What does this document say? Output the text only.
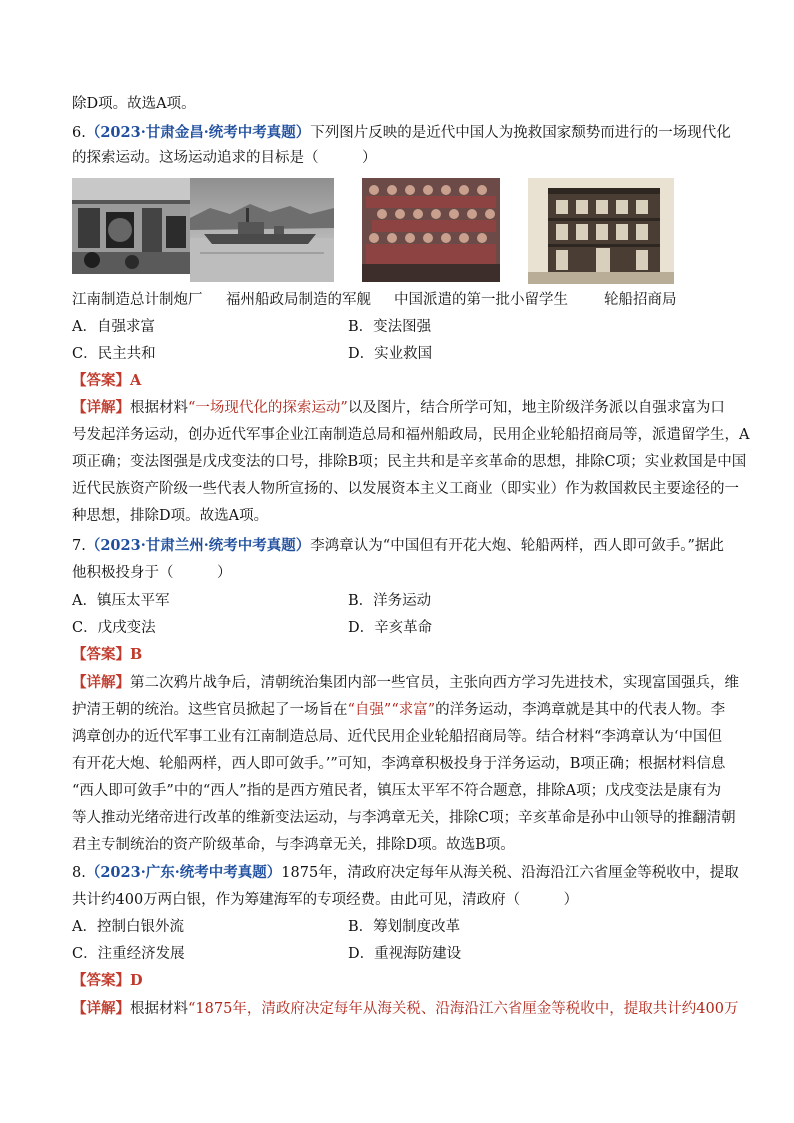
除D项。故选A项。
6.（2023·甘肃金昌·统考中考真题）下列图片反映的是近代中国人为挽救国家颓势而进行的一场现代化
的探索运动。这场运动追求的目标是（　　　）
江南制造总计制炮厂 福州船政局制造的军舰 中国派遣的第一批小留学生 轮船招商局
A．自强求富	B．变法图强
C．民主共和	D．实业救国
【答案】A
【详解】根据材料“一场现代化的探索运动”以及图片，结合所学可知，地主阶级洋务派以自强求富为口
号发起洋务运动，创办近代军事企业江南制造总局和福州船政局，民用企业轮船招商局等，派遣留学生，A
项正确；变法图强是戊戌变法的口号，排除B项；民主共和是辛亥革命的思想，排除C项；实业救国是中国
近代民族资产阶级一些代表人物所宣扬的、以发展资本主义工商业（即实业）作为救国救民主要途径的一
种思想，排除D项。故选A项。
7.（2023·甘肃兰州·统考中考真题）李鸿章认为“中国但有开花大炮、轮船两样，西人即可敛手。”据此
他积极投身于（　　　）
A．镇压太平军	B．洋务运动
C．戊戌变法	D．辛亥革命
【答案】B
【详解】第二次鸦片战争后，清朝统治集团内部一些官员，主张向西方学习先进技术，实现富国强兵，维
护清王朝的统治。这些官员掀起了一场旨在“自强”“求富”的洋务运动，李鸿章就是其中的代表人物。李
鸿章创办的近代军事工业有江南制造总局、近代民用企业轮船招商局等。结合材料“李鸿章认为‘中国但
有开花大炮、轮船两样，西人即可敛手。’”可知，李鸿章积极投身于洋务运动，B项正确；根据材料信息
“西人即可敛手”中的“西人”指的是西方殖民者，镇压太平军不符合题意，排除A项；戊戌变法是康有为
等人推动光绪帝进行改革的维新变法运动，与李鸿章无关，排除C项；辛亥革命是孙中山领导的推翻清朝
君主专制统治的资产阶级革命，与李鸿章无关，排除D项。故选B项。
8.（2023·广东·统考中考真题）1875年，清政府决定每年从海关税、沿海沿江六省厘金等税收中，提取
共计约400万两白银，作为筹建海军的专项经费。由此可见，清政府（　　　）
A．控制白银外流	B．筹划制度改革
C．注重经济发展	D．重视海防建设
【答案】D
【详解】根据材料“1875年，清政府决定每年从海关税、沿海沿江六省厘金等税收中，提取共计约400万
